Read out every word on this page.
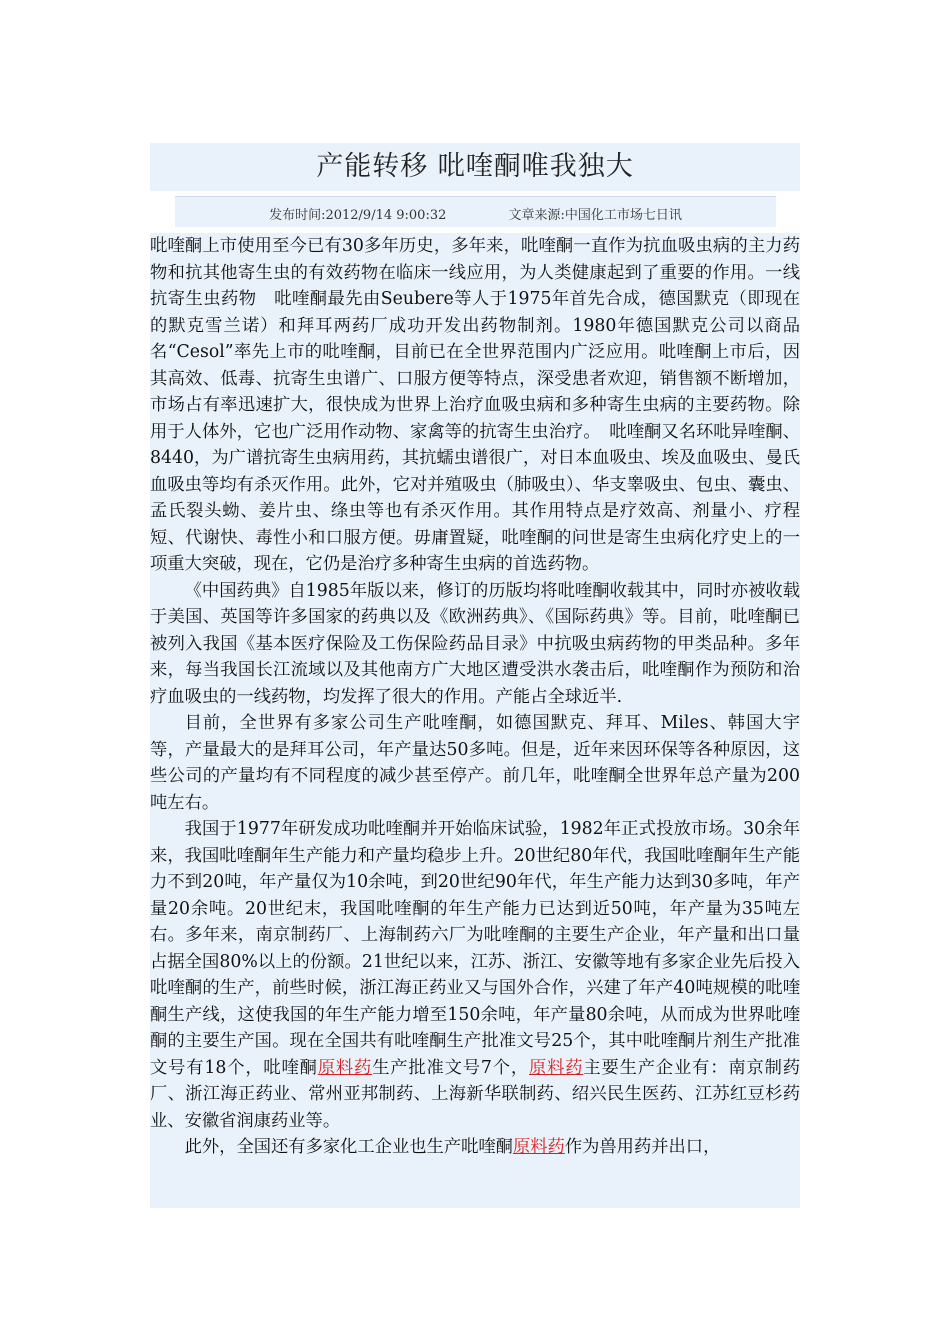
产能转移 吡喹酮唯我独大
发布时间:2012/9/14 9:00:32	文章来源:中国化工市场七日讯

吡喹酮上市使用至今已有30多年历史，多年来，吡喹酮一直作为抗血吸虫病的主力药物和抗其他寄生虫的有效药物在临床一线应用，为人类健康起到了重要的作用。一线抗寄生虫药物　吡喹酮最先由Seubere等人于1975年首先合成，德国默克（即现在的默克雪兰诺）和拜耳两药厂成功开发出药物制剂。1980年德国默克公司以商品名“Cesol”率先上市的吡喹酮，目前已在全世界范围内广泛应用。吡喹酮上市后，因其高效、低毒、抗寄生虫谱广、口服方便等特点，深受患者欢迎，销售额不断增加，市场占有率迅速扩大，很快成为世界上治疗血吸虫病和多种寄生虫病的主要药物。除用于人体外，它也广泛用作动物、家禽等的抗寄生虫治疗。　吡喹酮又名环吡异喹酮、8440，为广谱抗寄生虫病用药，其抗蠕虫谱很广，对日本血吸虫、埃及血吸虫、曼氏血吸虫等均有杀灭作用。此外，它对并殖吸虫（肺吸虫）、华支睾吸虫、包虫、囊虫、孟氏裂头蚴、姜片虫、绦虫等也有杀灭作用。其作用特点是疗效高、剂量小、疗程短、代谢快、毒性小和口服方便。毋庸置疑，吡喹酮的问世是寄生虫病化疗史上的一项重大突破，现在，它仍是治疗多种寄生虫病的首选药物。

《中国药典》自1985年版以来，修订的历版均将吡喹酮收载其中，同时亦被收载于美国、英国等许多国家的药典以及《欧洲药典》、《国际药典》等。目前，吡喹酮已被列入我国《基本医疗保险及工伤保险药品目录》中抗吸虫病药物的甲类品种。多年来，每当我国长江流域以及其他南方广大地区遭受洪水袭击后，吡喹酮作为预防和治疗血吸虫的一线药物，均发挥了很大的作用。产能占全球近半.

目前，全世界有多家公司生产吡喹酮，如德国默克、拜耳、Miles、韩国大宇等，产量最大的是拜耳公司，年产量达50多吨。但是，近年来因环保等各种原因，这些公司的产量均有不同程度的减少甚至停产。前几年，吡喹酮全世界年总产量为200吨左右。

我国于1977年研发成功吡喹酮并开始临床试验，1982年正式投放市场。30余年来，我国吡喹酮年生产能力和产量均稳步上升。20世纪80年代，我国吡喹酮年生产能力不到20吨，年产量仅为10余吨，到20世纪90年代，年生产能力达到30多吨，年产量20余吨。20世纪末，我国吡喹酮的年生产能力已达到近50吨，年产量为35吨左右。多年来，南京制药厂、上海制药六厂为吡喹酮的主要生产企业，年产量和出口量占据全国80%以上的份额。21世纪以来，江苏、浙江、安徽等地有多家企业先后投入吡喹酮的生产，前些时候，浙江海正药业又与国外合作，兴建了年产40吨规模的吡喹酮生产线，这使我国的年生产能力增至150余吨，年产量80余吨，从而成为世界吡喹酮的主要生产国。现在全国共有吡喹酮生产批准文号25个，其中吡喹酮片剂生产批准文号有18个，吡喹酮原料药生产批准文号7个，原料药主要生产企业有：南京制药厂、浙江海正药业、常州亚邦制药、上海新华联制药、绍兴民生医药、江苏红豆杉药业、安徽省润康药业等。

此外，全国还有多家化工企业也生产吡喹酮原料药作为兽用药并出口，
